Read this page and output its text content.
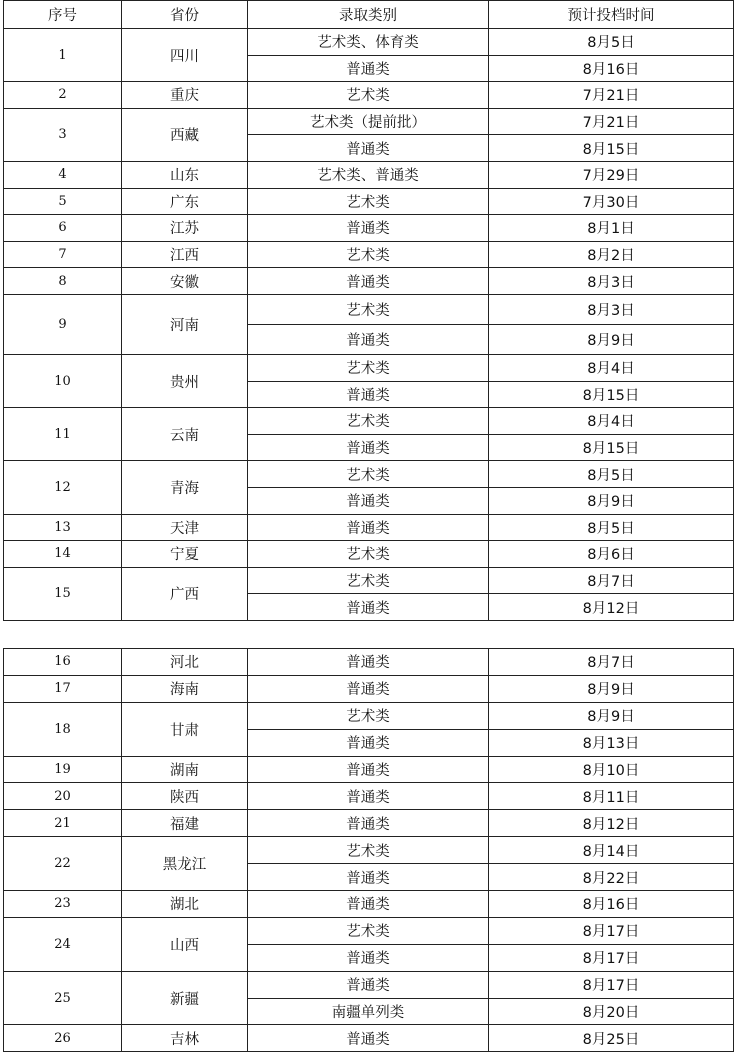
序号	省份	录取类别	预计投档时间
1	四川	艺术类、体育类	8月5日
		普通类	8月16日
2	重庆	艺术类	7月21日
3	西藏	艺术类（提前批）	7月21日
		普通类	8月15日
4	山东	艺术类、普通类	7月29日
5	广东	艺术类	7月30日
6	江苏	普通类	8月1日
7	江西	艺术类	8月2日
8	安徽	普通类	8月3日
9	河南	艺术类	8月3日
		普通类	8月9日
10	贵州	艺术类	8月4日
		普通类	8月15日
11	云南	艺术类	8月4日
		普通类	8月15日
12	青海	艺术类	8月5日
		普通类	8月9日
13	天津	普通类	8月5日
14	宁夏	艺术类	8月6日
15	广西	艺术类	8月7日
		普通类	8月12日
16	河北	普通类	8月7日
17	海南	普通类	8月9日
18	甘肃	艺术类	8月9日
		普通类	8月13日
19	湖南	普通类	8月10日
20	陕西	普通类	8月11日
21	福建	普通类	8月12日
22	黑龙江	艺术类	8月14日
		普通类	8月22日
23	湖北	普通类	8月16日
24	山西	艺术类	8月17日
		普通类	8月17日
25	新疆	普通类	8月17日
		南疆单列类	8月20日
26	吉林	普通类	8月25日
